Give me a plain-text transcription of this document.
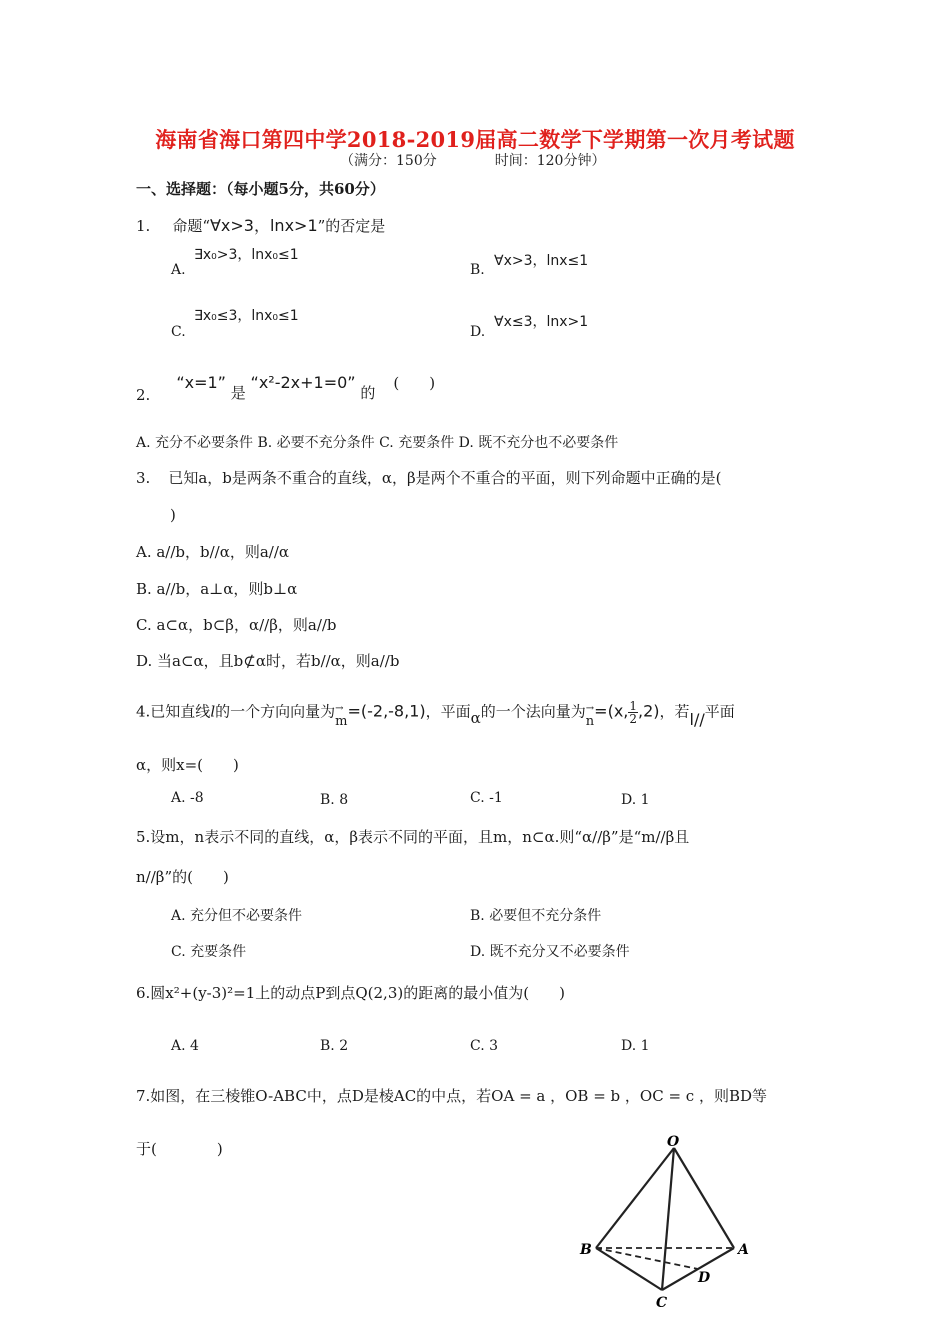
海南省海口第四中学2018-2019届高二数学下学期第一次月考试题
（满分：150分	时间：120分钟）
一、选择题：（每小题5分，共60分）
1. 命题“∀x>3，lnx>1”的否定是
A.
∃x₀>3，lnx₀≤1
B.
∀x>3，lnx≤1
C.
∃x₀≤3，lnx₀≤1
D.
∀x≤3，lnx>1
2.“x=1” 是 “x²-2x+1=0” 的(　　)
A. 充分不必要条件 B. 必要不充分条件 C. 充要条件 D. 既不充分也不必要条件
3. 已知a，b是两条不重合的直线，α，β是两个不重合的平面，则下列命题中正确的是(
)
A. a//b，b//α，则a//α
B. a//b，a⊥α，则b⊥α
C. a⊂α，b⊂β，α//β，则a//b
D. 当a⊂α，且b⊄α时，若b//α，则a//b
4.已知直线l的一个方向向量为→ m=(-2,-8,1)，平面α的一个法向量为→ n=(x, $\frac{1}{2} ,2$)，若l//平面
α，则x=(　　)
A. -8	B. 8	C. -1	D. 1
5.设m，n表示不同的直线，α，β表示不同的平面，且m，n⊂α.则“α//β”是“m//β且
n//β”的(　　)
A. 充分但不必要条件	B. 必要但不充分条件
C. 充要条件	D. 既不充分又不必要条件
6.圆x²+(y-3)²=1上的动点P到点Q(2,3)的距离的最小值为(　　)
A. 4	B. 2	C. 3	D. 1
7.如图，在三棱锥O-ABC中，点D是棱AC的中点，若OA = a ，OB = b ，OC = c ，则BD等
于(　　　　)	O
A
B
C
D
